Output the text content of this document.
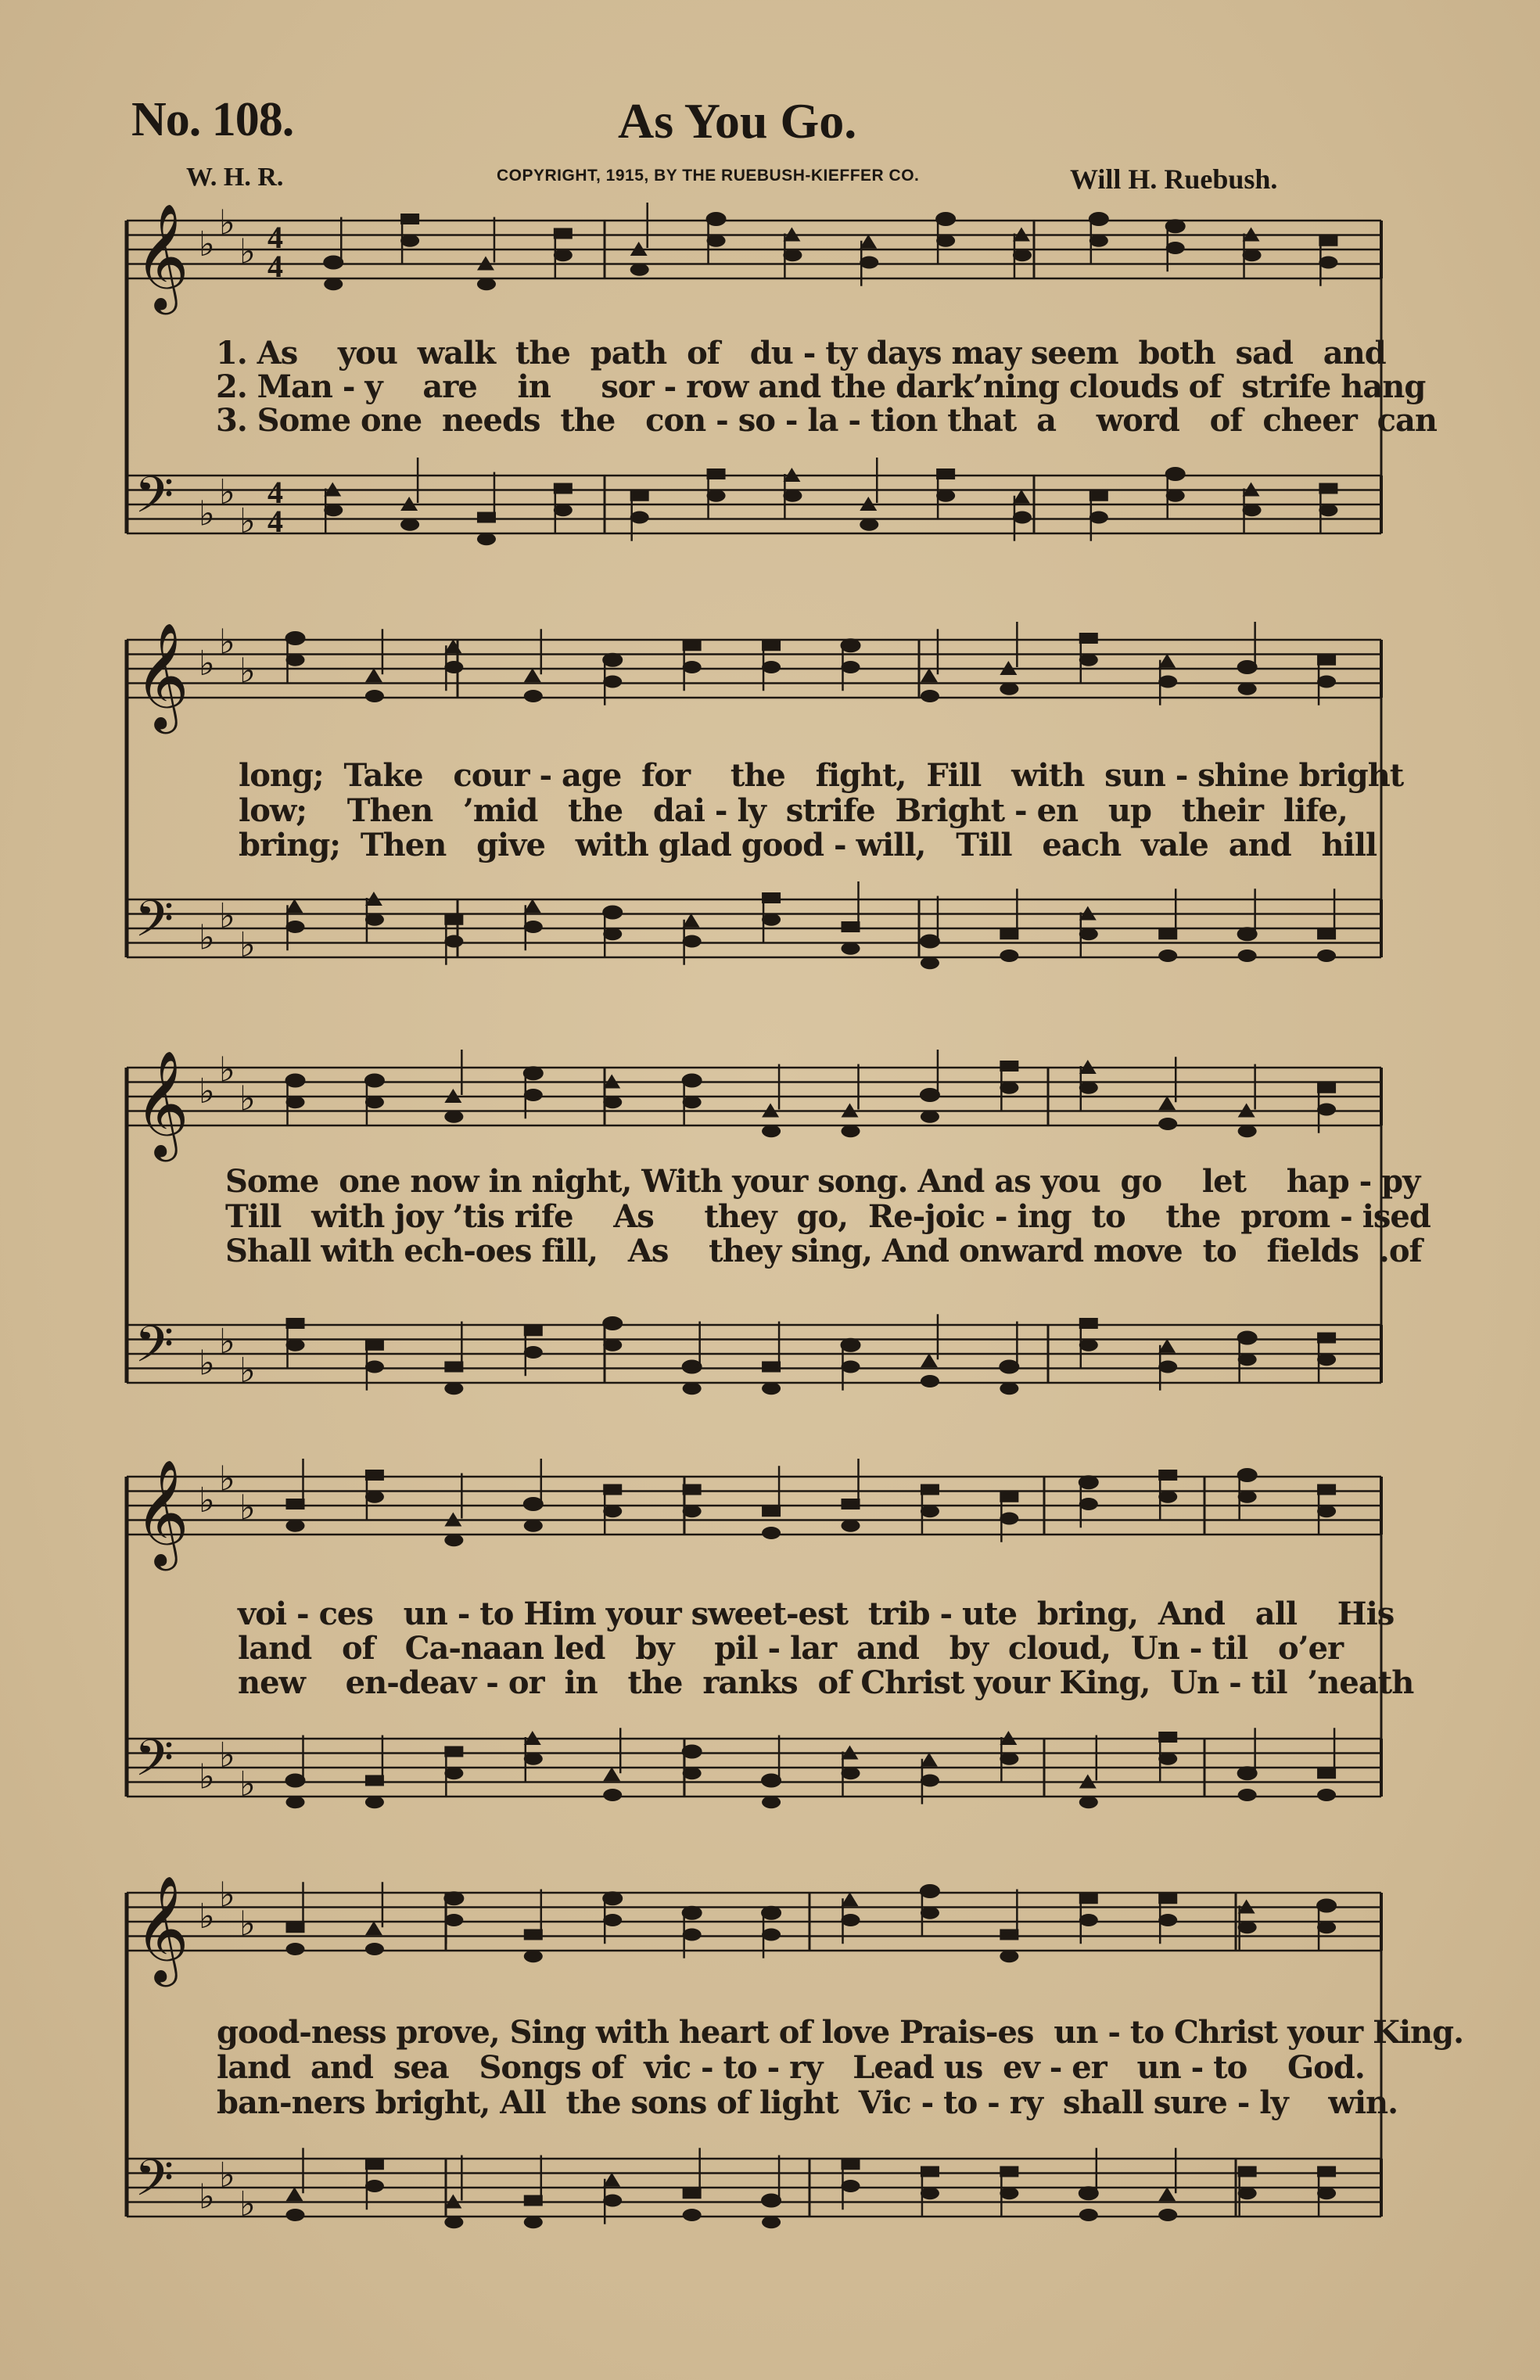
No. 108.	As You Go.
W. H. R.	COPYRIGHT, 1915, BY THE RUEBUSH-KIEFFER CO.	Will H. Ruebush.
𝄞 ♭
♭
♭ 4
4
𝄢 ♭
♭
♭
4
4
𝄞 ♭
♭
♭
𝄢 ♭
♭
♭
𝄞 ♭
♭
♭
𝄢 ♭
♭
♭
𝄞 ♭
♭
♭
𝄢 ♭
♭
♭
𝄞 ♭
♭
♭
𝄢 ♭
♭
♭
1. As    you  walk  the  path  of   du - ty days may seem  both  sad   and
2. Man - y    are    in     sor - row and the dark’ning clouds of  strife hang
3. Some one  needs  the   con - so - la - tion that  a    word   of  cheer  can
long;  Take   cour - age  for    the   fight,  Fill   with  sun - shine bright
low;    Then   ’mid   the   dai - ly  strife  Bright - en   up   their  life,
bring;  Then   give   with glad good - will,   Till   each  vale  and   hill
Some  one now in night, With your song. And as you  go    let    hap - py
Till   with joy ’tis rife    As     they  go,  Re-joic - ing  to    the  prom - ised
Shall with ech-oes fill,   As    they sing, And onward move  to   fields  .of
voi - ces   un - to Him your sweet-est  trib - ute  bring,  And   all    His
land   of   Ca-naan led   by    pil - lar  and   by  cloud,  Un - til   o’er
new    en-deav - or  in   the  ranks  of Christ your King,  Un - til  ’neath
good-ness prove, Sing with heart of love Prais-es  un - to Christ your King.
land  and  sea   Songs of  vic - to - ry   Lead us  ev - er   un - to    God.
ban-ners bright, All  the sons of light  Vic - to - ry  shall sure - ly    win.
